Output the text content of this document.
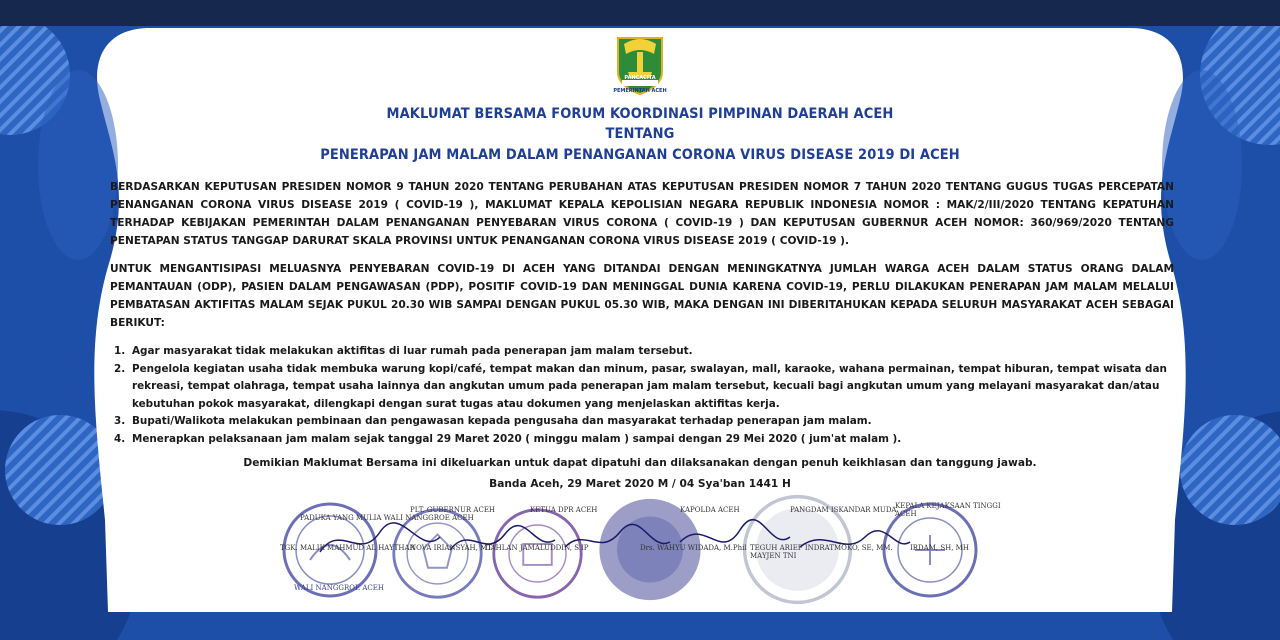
PANCACITA
PEMERINTAH ACEH
MAKLUMAT BERSAMA FORUM KOORDINASI PIMPINAN DAERAH ACEH
TENTANG
PENERAPAN JAM MALAM DALAM PENANGANAN CORONA VIRUS DISEASE 2019 DI ACEH
BERDASARKAN KEPUTUSAN PRESIDEN NOMOR 9 TAHUN 2020 TENTANG PERUBAHAN ATAS KEPUTUSAN PRESIDEN NOMOR 7 TAHUN 2020 TENTANG GUGUS TUGAS PERCEPATAN PENANGANAN CORONA VIRUS DISEASE 2019 ( COVID-19 ), MAKLUMAT KEPALA KEPOLISIAN NEGARA REPUBLIK INDONESIA NOMOR : MAK/2/III/2020 TENTANG KEPATUHAN TERHADAP KEBIJAKAN PEMERINTAH DALAM PENANGANAN PENYEBARAN VIRUS CORONA ( COVID-19 ) DAN KEPUTUSAN GUBERNUR ACEH NOMOR: 360/969/2020 TENTANG PENETAPAN STATUS TANGGAP DARURAT SKALA PROVINSI UNTUK PENANGANAN CORONA VIRUS DISEASE 2019 ( COVID-19 ).
UNTUK MENGANTISIPASI MELUASNYA PENYEBARAN COVID-19 DI ACEH YANG DITANDAI DENGAN MENINGKATNYA JUMLAH WARGA ACEH DALAM STATUS ORANG DALAM PEMANTAUAN (ODP), PASIEN DALAM PENGAWASAN (PDP), POSITIF COVID-19 DAN MENINGGAL DUNIA KARENA COVID-19, PERLU DILAKUKAN PENERAPAN JAM MALAM MELALUI PEMBATASAN AKTIFITAS MALAM SEJAK PUKUL 20.30 WIB SAMPAI DENGAN PUKUL 05.30 WIB, MAKA DENGAN INI DIBERITAHUKAN KEPADA SELURUH MASYARAKAT ACEH SEBAGAI BERIKUT:
1. Agar masyarakat tidak melakukan aktifitas di luar rumah pada penerapan jam malam tersebut.
2. Pengelola kegiatan usaha tidak membuka warung kopi/café, tempat makan dan minum, pasar, swalayan, mall, karaoke, wahana permainan, tempat hiburan, tempat wisata dan rekreasi, tempat olahraga, tempat usaha lainnya dan angkutan umum pada penerapan jam malam tersebut, kecuali bagi angkutan umum yang melayani masyarakat dan/atau kebutuhan pokok masyarakat, dilengkapi dengan surat tugas atau dokumen yang menjelaskan aktifitas kerja.
3. Bupati/Walikota melakukan pembinaan dan pengawasan kepada pengusaha dan masyarakat terhadap penerapan jam malam.
4. Menerapkan pelaksanaan jam malam sejak tanggal 29 Maret 2020 ( minggu malam ) sampai dengan 29 Mei 2020 ( jum'at malam ).
Demikian Maklumat Bersama ini dikeluarkan untuk dapat dipatuhi dan dilaksanakan dengan penuh keikhlasan dan tanggung jawab.
Banda Aceh, 29 Maret 2020 M / 04 Sya'ban 1441 H
PADUKA YANG MULIA WALI NANGGROE ACEH
TGK. MALIK MAHMUD AL HAYTHAR
WALI NANGGROE ACEH
PLT. GUBERNUR ACEH
NOVA IRIANSYAH, MT
KETUA DPR ACEH
DAHLAN JAMALUDDIN, S.IP
KAPOLDA ACEH
Drs. WAHYU WIDADA, M.Phil
PANGDAM ISKANDAR MUDA
TEGUH ARIEF INDRATMOKO, SE, MM.
MAYJEN TNI
KEPALA KEJAKSAAN TINGGI
ACEH
IRDAM, SH, MH
